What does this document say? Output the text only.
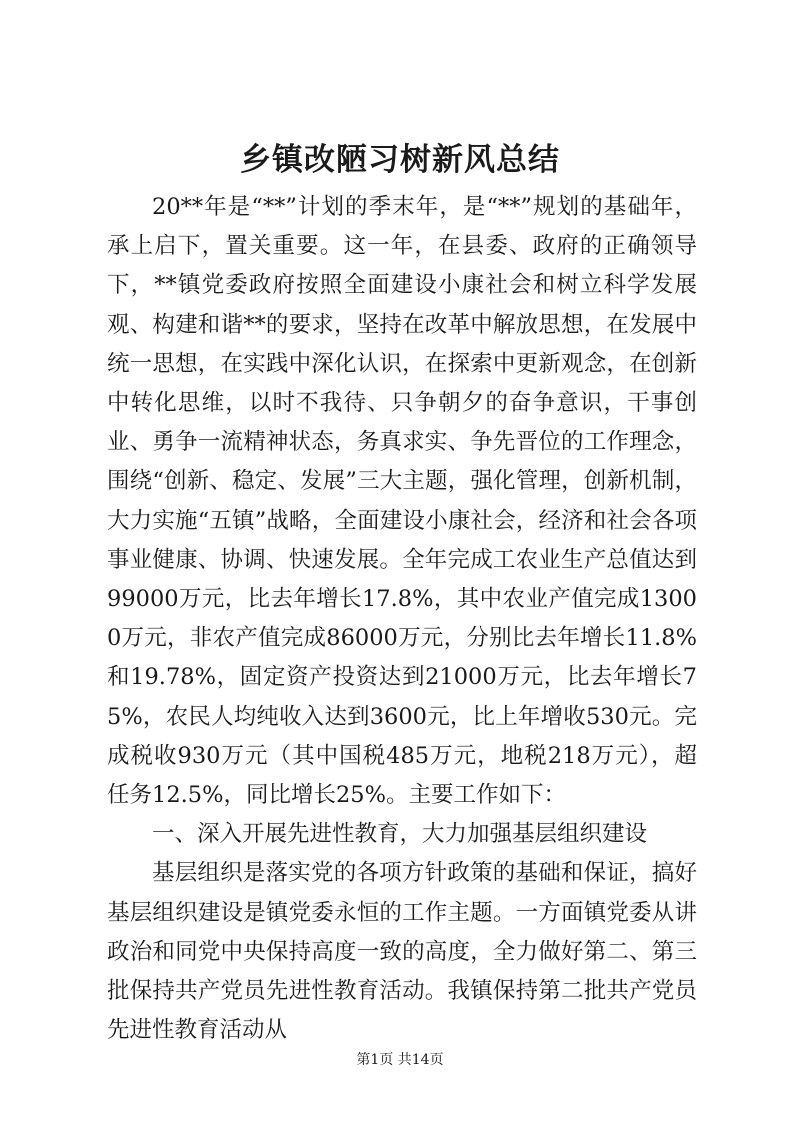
乡镇改陋习树新风总结

20**年是“**”计划的季末年，是“**”规划的基础年，承上启下，置关重要。这一年，在县委、政府的正确领导下，**镇党委政府按照全面建设小康社会和树立科学发展观、构建和谐**的要求，坚持在改革中解放思想，在发展中统一思想，在实践中深化认识，在探索中更新观念，在创新中转化思维，以时不我待、只争朝夕的奋争意识，干事创业、勇争一流精神状态，务真求实、争先晋位的工作理念，围绕“创新、稳定、发展”三大主题，强化管理，创新机制，大力实施“五镇”战略，全面建设小康社会，经济和社会各项事业健康、协调、快速发展。全年完成工农业生产总值达到99000万元，比去年增长17.8%，其中农业产值完成13000万元，非农产值完成86000万元，分别比去年增长11.8%和19.78%，固定资产投资达到21000万元，比去年增长75%，农民人均纯收入达到3600元，比上年增收530元。完成税收930万元（其中国税485万元，地税218万元），超任务12.5%，同比增长25%。主要工作如下：

一、深入开展先进性教育，大力加强基层组织建设

基层组织是落实党的各项方针政策的基础和保证，搞好基层组织建设是镇党委永恒的工作主题。一方面镇党委从讲政治和同党中央保持高度一致的高度，全力做好第二、第三批保持共产党员先进性教育活动。我镇保持第二批共产党员先进性教育活动从

第1页 共14页
